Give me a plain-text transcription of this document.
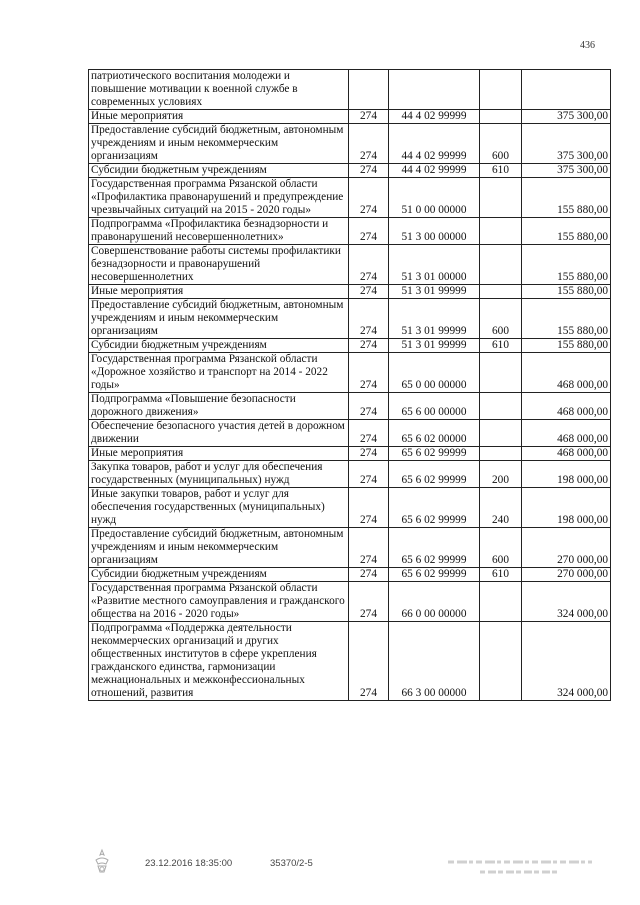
436
патриотического воспитания молодежи и повышение мотивации к военной службе в современных условиях				
Иные мероприятия	274	44 4 02 99999		375 300,00
Предоставление субсидий бюджетным, автономным учреждениям и иным некоммерческим организациям	274	44 4 02 99999	600	375 300,00
Субсидии бюджетным учреждениям	274	44 4 02 99999	610	375 300,00
Государственная программа Рязанской области «Профилактика правонарушений и предупреждение чрезвычайных ситуаций на 2015 - 2020 годы»	274	51 0 00 00000		155 880,00
Подпрограмма «Профилактика безнадзорности и правонарушений несовершеннолетних»	274	51 3 00 00000		155 880,00
Совершенствование работы системы профилактики безнадзорности и правонарушений несовершеннолетних	274	51 3 01 00000		155 880,00
Иные мероприятия	274	51 3 01 99999		155 880,00
Предоставление субсидий бюджетным, автономным учреждениям и иным некоммерческим организациям	274	51 3 01 99999	600	155 880,00
Субсидии бюджетным учреждениям	274	51 3 01 99999	610	155 880,00
Государственная программа Рязанской области «Дорожное хозяйство и транспорт на 2014 - 2022 годы»	274	65 0 00 00000		468 000,00
Подпрограмма «Повышение безопасности дорожного движения»	274	65 6 00 00000		468 000,00
Обеспечение безопасного участия детей в дорожном движении	274	65 6 02 00000		468 000,00
Иные мероприятия	274	65 6 02 99999		468 000,00
Закупка товаров, работ и услуг для обеспечения государственных (муниципальных) нужд	274	65 6 02 99999	200	198 000,00
Иные закупки товаров, работ и услуг для обеспечения государственных (муниципальных) нужд	274	65 6 02 99999	240	198 000,00
Предоставление субсидий бюджетным, автономным учреждениям и иным некоммерческим организациям	274	65 6 02 99999	600	270 000,00
Субсидии бюджетным учреждениям	274	65 6 02 99999	610	270 000,00
Государственная программа Рязанской области «Развитие местного самоуправления и гражданского общества на 2016 - 2020 годы»	274	66 0 00 00000		324 000,00
Подпрограмма «Поддержка деятельности некоммерческих организаций и других общественных институтов в сфере укрепления гражданского единства, гармонизации межнациональных и межконфессиональных отношений, развития	274	66 3 00 00000		324 000,00
23.12.2016 18:35:00	35370/2-5
